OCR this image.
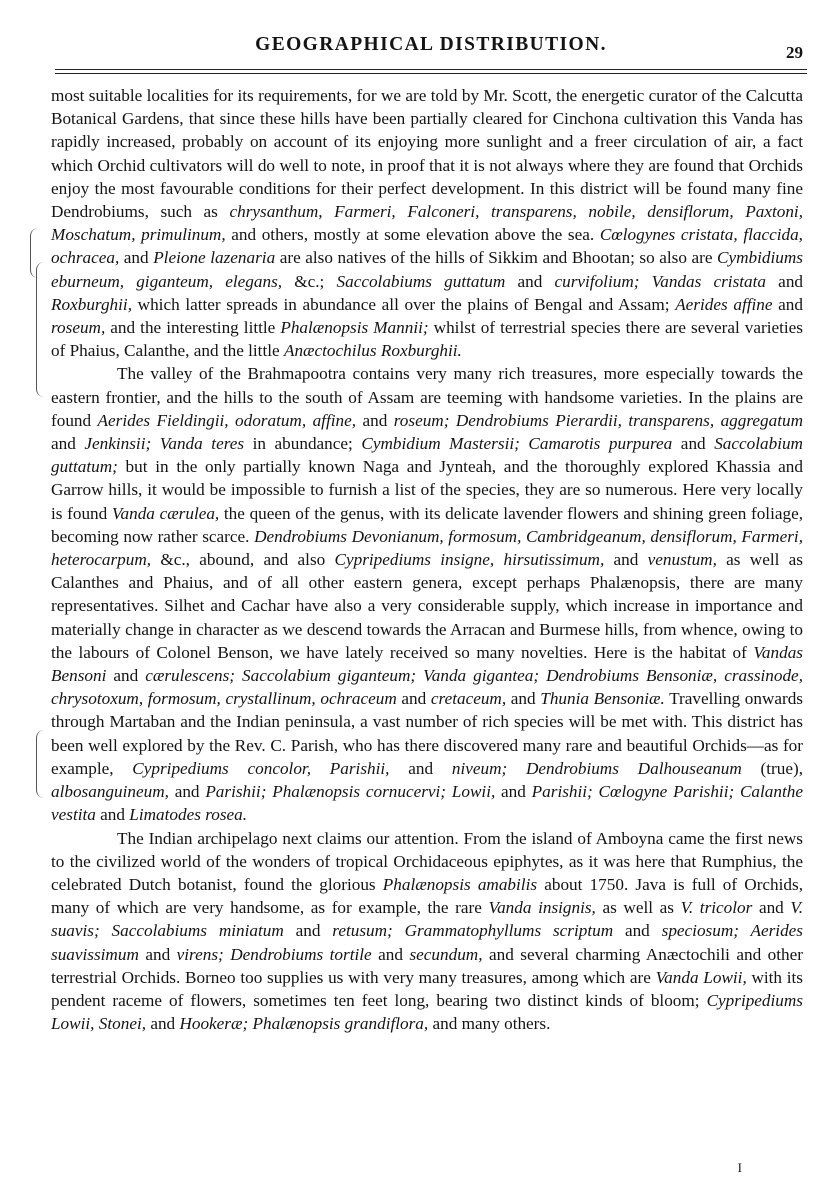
GEOGRAPHICAL DISTRIBUTION.	29

most suitable localities for its requirements, for we are told by Mr. Scott, the energetic curator of the Calcutta Botanical Gardens, that since these hills have been partially cleared for Cinchona cultivation this Vanda has rapidly increased, probably on account of its enjoying more sunlight and a freer circulation of air, a fact which Orchid cultivators will do well to note, in proof that it is not always where they are found that Orchids enjoy the most favourable conditions for their perfect development. In this district will be found many fine Dendrobiums, such as chrysanthum, Farmeri, Falconeri, transparens, nobile, densiflorum, Paxtoni, Moschatum, primulinum, and others, mostly at some elevation above the sea. Cœlogynes cristata, flaccida, ochracea, and Pleione lazenaria are also natives of the hills of Sikkim and Bhootan; so also are Cymbidiums eburneum, giganteum, elegans, &c.; Saccolabiums guttatum and curvifolium; Vandas cristata and Roxburghii, which latter spreads in abundance all over the plains of Bengal and Assam; Aerides affine and roseum, and the interesting little Phalænopsis Mannii; whilst of terrestrial species there are several varieties of Phaius, Calanthe, and the little Anæctochilus Roxburghii.

The valley of the Brahmapootra contains very many rich treasures, more especially towards the eastern frontier, and the hills to the south of Assam are teeming with handsome varieties. In the plains are found Aerides Fieldingii, odoratum, affine, and roseum; Dendrobiums Pierardii, transparens, aggregatum and Jenkinsii; Vanda teres in abundance; Cymbidium Mastersii; Camarotis purpurea and Saccolabium guttatum; but in the only partially known Naga and Jynteah, and the thoroughly explored Khassia and Garrow hills, it would be impossible to furnish a list of the species, they are so numerous. Here very locally is found Vanda cærulea, the queen of the genus, with its delicate lavender flowers and shining green foliage, becoming now rather scarce. Dendrobiums Devonianum, formosum, Cambridgeanum, densiflorum, Farmeri, heterocarpum, &c., abound, and also Cypripediums insigne, hirsutissimum, and venustum, as well as Calanthes and Phaius, and of all other eastern genera, except perhaps Phalænopsis, there are many representatives. Silhet and Cachar have also a very considerable supply, which increase in importance and materially change in character as we descend towards the Arracan and Burmese hills, from whence, owing to the labours of Colonel Benson, we have lately received so many novelties. Here is the habitat of Vandas Bensoni and cærulescens; Saccolabium giganteum; Vanda gigantea; Dendrobiums Bensoniæ, crassinode, chrysotoxum, formosum, crystallinum, ochraceum and cretaceum, and Thunia Bensoniæ. Travelling onwards through Martaban and the Indian peninsula, a vast number of rich species will be met with. This district has been well explored by the Rev. C. Parish, who has there discovered many rare and beautiful Orchids—as for example, Cypripediums concolor, Parishii, and niveum; Dendrobiums Dalhouseanum (true), albosanguineum, and Parishii; Phalænopsis cornucervi; Lowii, and Parishii; Cœlogyne Parishii; Calanthe vestita and Limatodes rosea.

The Indian archipelago next claims our attention. From the island of Amboyna came the first news to the civilized world of the wonders of tropical Orchidaceous epiphytes, as it was here that Rumphius, the celebrated Dutch botanist, found the glorious Phalænopsis amabilis about 1750. Java is full of Orchids, many of which are very handsome, as for example, the rare Vanda insignis, as well as V. tricolor and V. suavis; Saccolabiums miniatum and retusum; Grammatophyllums scriptum and speciosum; Aerides suavissimum and virens; Dendrobiums tortile and secundum, and several charming Anæctochili and other terrestrial Orchids. Borneo too supplies us with very many treasures, among which are Vanda Lowii, with its pendent raceme of flowers, sometimes ten feet long, bearing two distinct kinds of bloom; Cypripediums Lowii, Stonei, and Hookeræ; Phalænopsis grandiflora, and many others.

I
